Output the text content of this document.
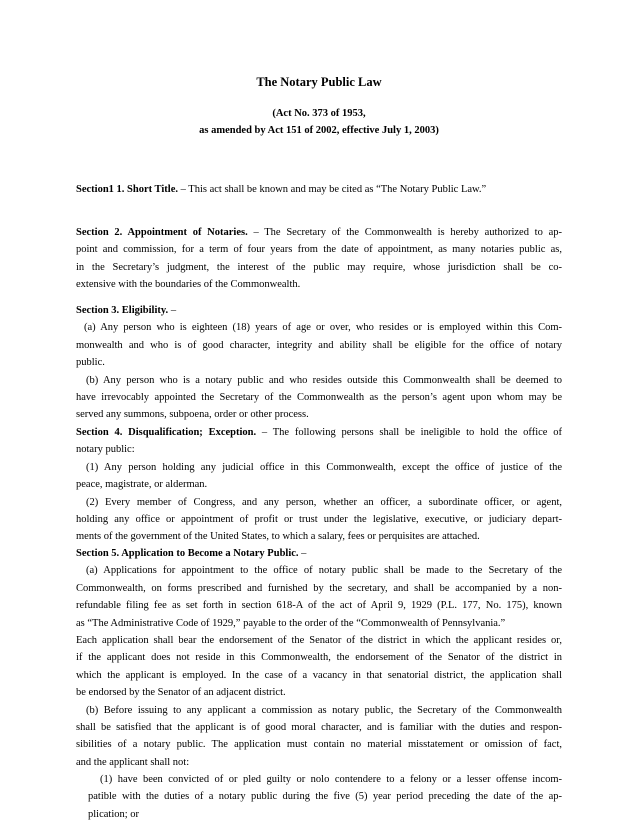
The Notary Public Law
(Act No. 373 of 1953,
as amended by Act 151 of 2002, effective July 1, 2003)
Section1 1. Short Title. – This act shall be known and may be cited as “The Notary Public Law.”
Section 2. Appointment of Notaries. – The Secretary of the Commonwealth is hereby authorized to ap-
point and commission, for a term of four years from the date of appointment, as many notaries public as,
in the Secretary’s judgment, the interest of the public may require, whose jurisdiction shall be co-
extensive with the boundaries of the Commonwealth.
Section 3. Eligibility. –
(a) Any person who is eighteen (18) years of age or over, who resides or is employed within this Com-
monwealth and who is of good character, integrity and ability shall be eligible for the office of notary
public.
(b) Any person who is a notary public and who resides outside this Commonwealth shall be deemed to
have irrevocably appointed the Secretary of the Commonwealth as the person’s agent upon whom may be
served any summons, subpoena, order or other process.
Section 4. Disqualification; Exception. – The following persons shall be ineligible to hold the office of
notary public:
(1) Any person holding any judicial office in this Commonwealth, except the office of justice of the
peace, magistrate, or alderman.
(2) Every member of Congress, and any person, whether an officer, a subordinate officer, or agent,
holding any office or appointment of profit or trust under the legislative, executive, or judiciary depart-
ments of the government of the United States, to which a salary, fees or perquisites are attached.
Section 5. Application to Become a Notary Public. –
(a) Applications for appointment to the office of notary public shall be made to the Secretary of the
Commonwealth, on forms prescribed and furnished by the secretary, and shall be accompanied by a non-
refundable filing fee as set forth in section 618-A of the act of April 9, 1929 (P.L. 177, No. 175), known
as “The Administrative Code of 1929,” payable to the order of the “Commonwealth of Pennsylvania.”
Each application shall bear the endorsement of the Senator of the district in which the applicant resides or,
if the applicant does not reside in this Commonwealth, the endorsement of the Senator of the district in
which the applicant is employed. In the case of a vacancy in that senatorial district, the application shall
be endorsed by the Senator of an adjacent district.
(b) Before issuing to any applicant a commission as notary public, the Secretary of the Commonwealth
shall be satisfied that the applicant is of good moral character, and is familiar with the duties and respon-
sibilities of a notary public. The application must contain no material misstatement or omission of fact,
and the applicant shall not:
(1) have been convicted of or pled guilty or nolo contendere to a felony or a lesser offense incom-
patible with the duties of a notary public during the five (5) year period preceding the date of the ap-
plication; or
